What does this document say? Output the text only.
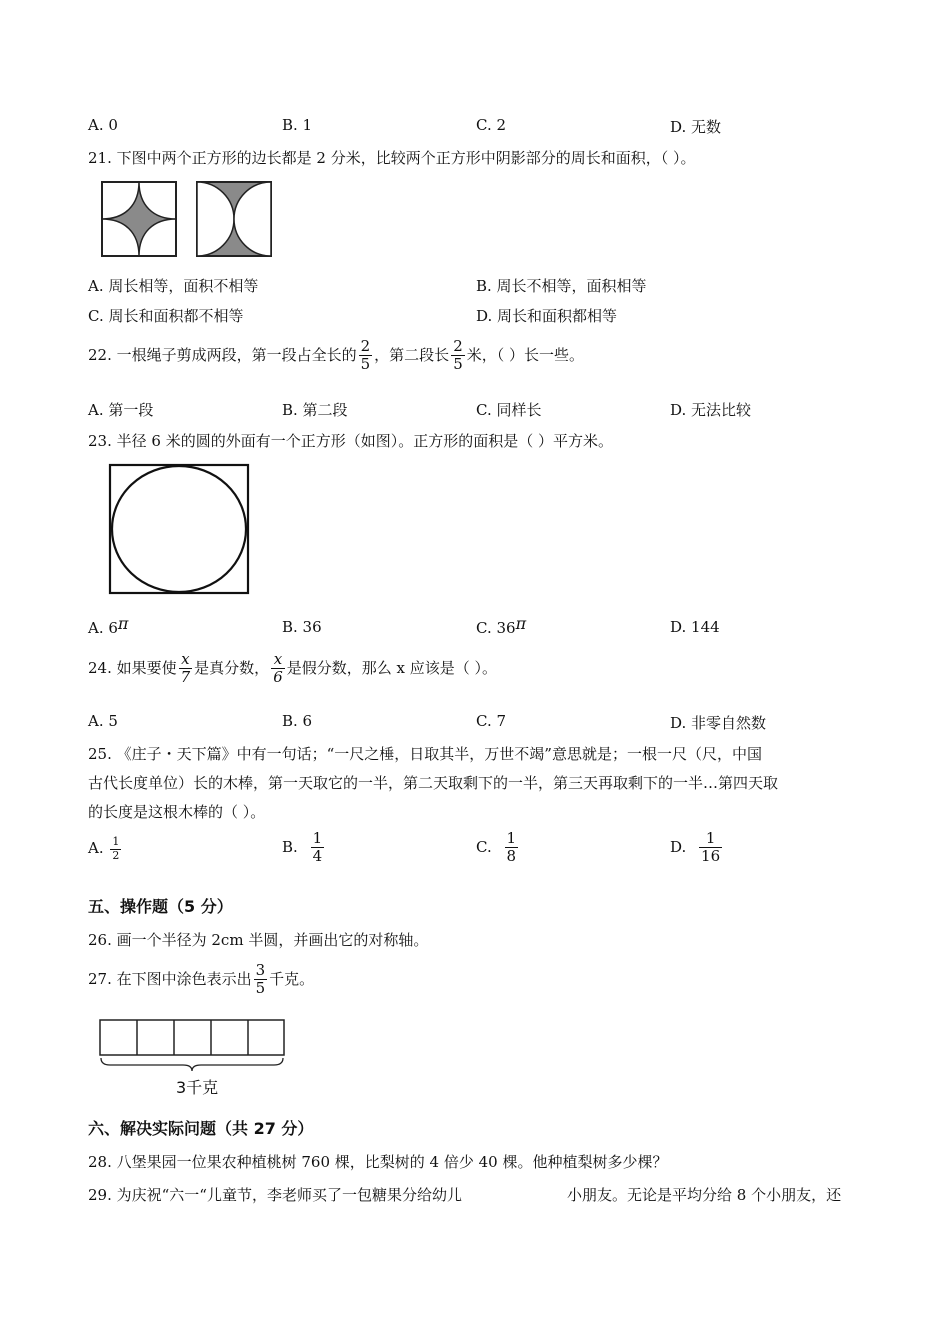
A. 0	B. 1	C. 2	D. 无数
21. 下图中两个正方形的边长都是 2 分米，比较两个正方形中阴影部分的周长和面积，（ ）。
A. 周长相等，面积不相等	B. 周长不相等，面积相等
C. 周长和面积都不相等	D. 周长和面积都相等
22. 一根绳子剪成两段，第一段占全长的 $\frac{2}{5}$ ，第二段长 $\frac{2}{5}$ 米，（ ）长一些。
A. 第一段	B. 第二段	C. 同样长	D. 无法比较
23. 半径 6 米的圆的外面有一个正方形（如图）。正方形的面积是（ ）平方米。
A. 6π	B. 36	C. 36π	D. 144
24. 如果要使 $\frac{x}{7}$ 是真分数， $\frac{x}{6}$ 是假分数，那么 x 应该是（ ）。
A. 5	B. 6	C. 7	D. 非零自然数
25. 《庄子・天下篇》中有一句话；“一尺之棰，日取其半，万世不竭”意思就是；一根一尺（尺，中国
古代长度单位）长的木棒，第一天取它的一半，第二天取剩下的一半，第三天再取剩下的一半…第四天取
的长度是这根木棒的（ ）。
A. $\frac{1}{2}$	B. $\frac{1}{4}$	C. $\frac{1}{8}$	D. $\frac{1}{16}$
五、操作题（5 分）
26. 画一个半径为 2cm 半圆，并画出它的对称轴。
27. 在下图中涂色表示出 $\frac{3}{5}$ 千克。
3千克
六、解决实际问题（共 27 分）
28. 八堡果园一位果农种植桃树 760 棵，比梨树的 4 倍少 40 棵。他种植梨树多少棵？
29. 为庆祝“六一“儿童节，李老师买了一包糖果分给幼儿	小朋友。无论是平均分给 8 个小朋友，还
